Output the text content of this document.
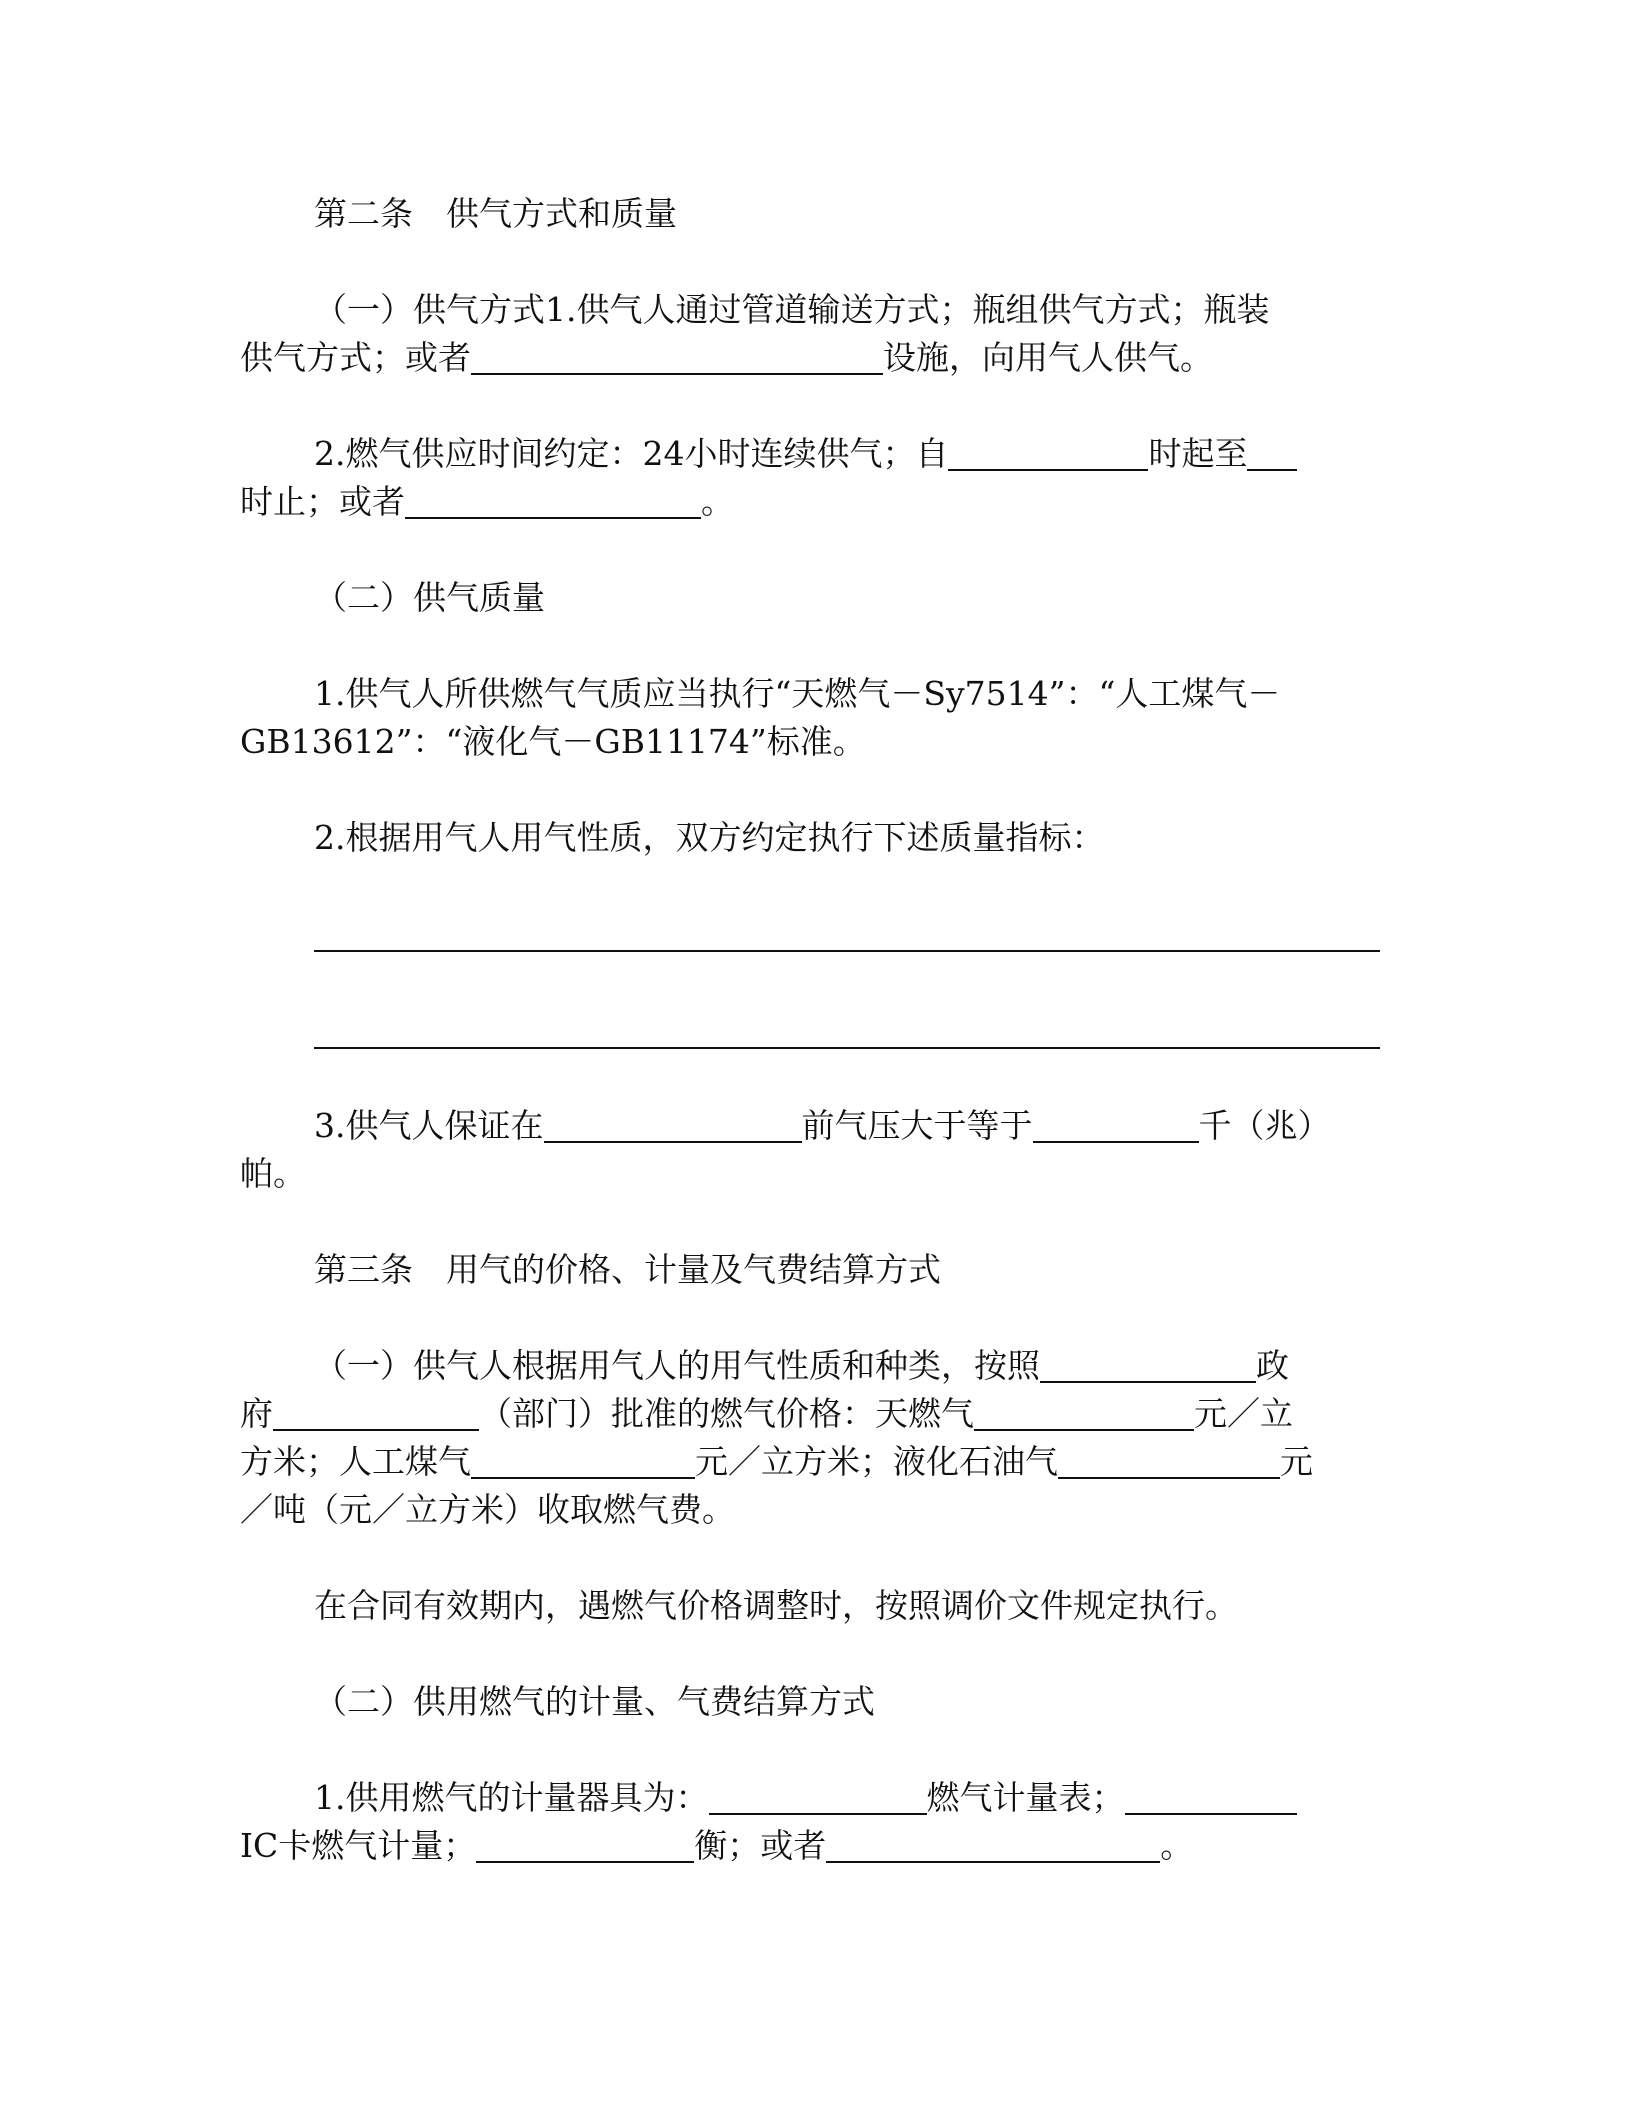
第二条　供气方式和质量
（一）供气方式1.供气人通过管道输送方式；瓶组供气方式；瓶装
供气方式；或者	设施，向用气人供气。
2.燃气供应时间约定：24小时连续供气；自	时起至
时止；或者	。
（二）供气质量
1.供气人所供燃气气质应当执行“天燃气－Sy7514”：“人工煤气－
GB13612”：“液化气－GB11174”标准。
2.根据用气人用气性质，双方约定执行下述质量指标：
3.供气人保证在	前气压大于等于	千（兆）
帕。
第三条　用气的价格、计量及气费结算方式
（一）供气人根据用气人的用气性质和种类，按照	政
府	（部门）批准的燃气价格：天燃气	元／立
方米；人工煤气	元／立方米；液化石油气	元
／吨（元／立方米）收取燃气费。
在合同有效期内，遇燃气价格调整时，按照调价文件规定执行。
（二）供用燃气的计量、气费结算方式
1.供用燃气的计量器具为：	燃气计量表；
IC卡燃气计量；	衡；或者	。
